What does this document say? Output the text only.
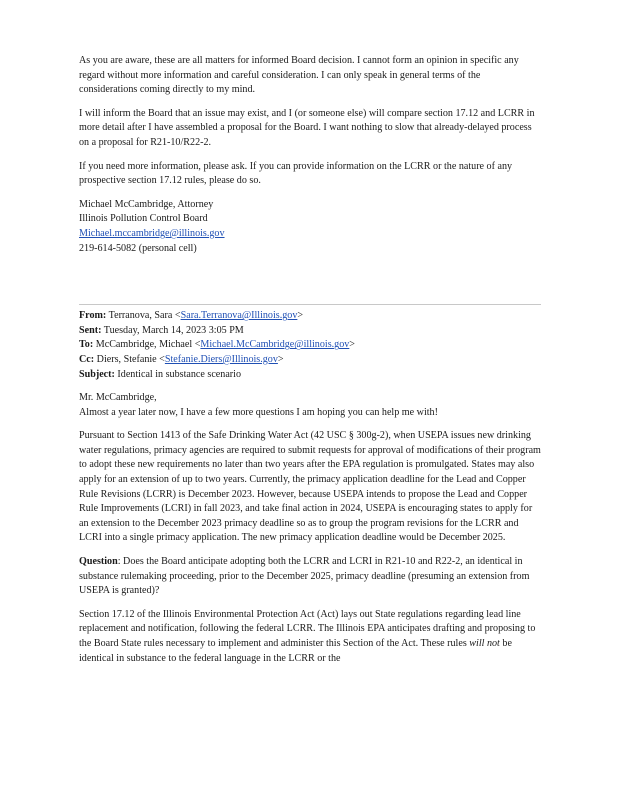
As you are aware, these are all matters for informed Board decision. I cannot form an opinion in specific any regard without more information and careful consideration. I can only speak in general terms of the considerations coming directly to my mind.

I will inform the Board that an issue may exist, and I (or someone else) will compare section 17.12 and LCRR in more detail after I have assembled a proposal for the Board. I want nothing to slow that already-delayed process on a proposal for R21-10/R22-2.

If you need more information, please ask. If you can provide information on the LCRR or the nature of any prospective section 17.12 rules, please do so.

Michael McCambridge, Attorney
Illinois Pollution Control Board
Michael.mccambridge@illinois.gov
219-614-5082 (personal cell)
From: Terranova, Sara <Sara.Terranova@Illinois.gov>
Sent: Tuesday, March 14, 2023 3:05 PM
To: McCambridge, Michael <Michael.McCambridge@illinois.gov>
Cc: Diers, Stefanie <Stefanie.Diers@Illinois.gov>
Subject: Identical in substance scenario
Mr. McCambridge,

Almost a year later now, I have a few more questions I am hoping you can help me with!

Pursuant to Section 1413 of the Safe Drinking Water Act (42 USC § 300g-2), when USEPA issues new drinking water regulations, primacy agencies are required to submit requests for approval of modifications of their program to adopt these new requirements no later than two years after the EPA regulation is promulgated. States may also apply for an extension of up to two years. Currently, the primacy application deadline for the Lead and Copper Rule Revisions (LCRR) is December 2023. However, because USEPA intends to propose the Lead and Copper Rule Improvements (LCRI) in fall 2023, and take final action in 2024, USEPA is encouraging states to apply for an extension to the December 2023 primacy deadline so as to group the program revisions for the LCRR and LCRI into a single primacy application. The new primacy application deadline would be December 2025.

Question: Does the Board anticipate adopting both the LCRR and LCRI in R21-10 and R22-2, an identical in substance rulemaking proceeding, prior to the December 2025, primacy deadline (presuming an extension from USEPA is granted)?

Section 17.12 of the Illinois Environmental Protection Act (Act) lays out State regulations regarding lead line replacement and notification, following the federal LCRR. The Illinois EPA anticipates drafting and proposing to the Board State rules necessary to implement and administer this Section of the Act. These rules will not be identical in substance to the federal language in the LCRR or the
